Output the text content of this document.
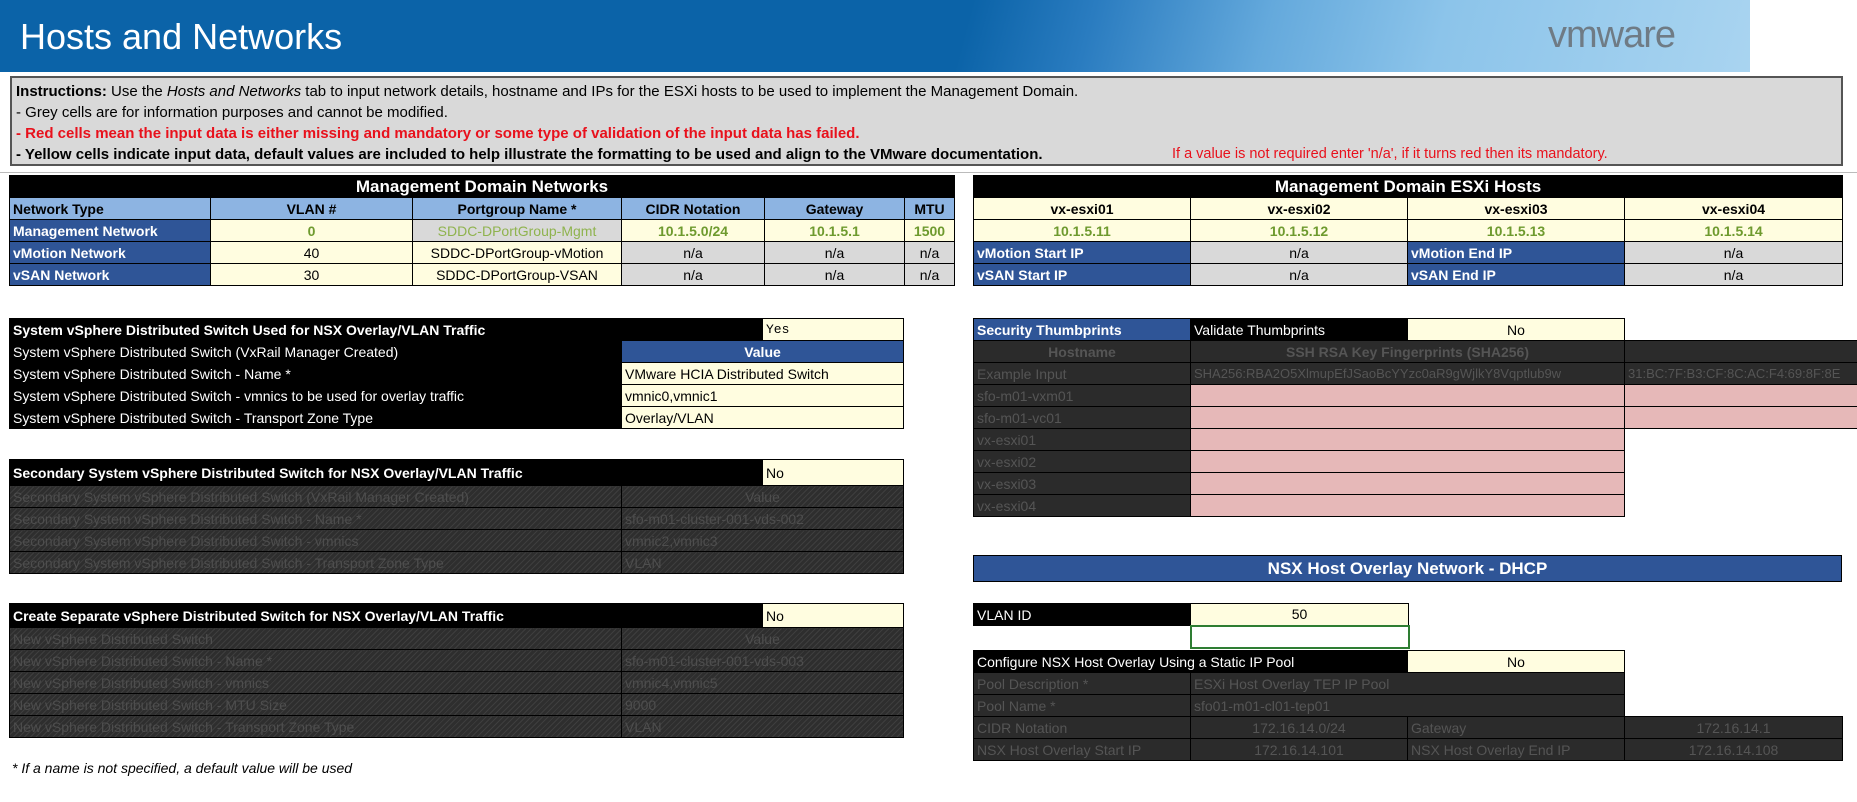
Hosts and Networks	vmware
Instructions: Use the Hosts and Networks tab to input network details, hostname and IPs for the ESXi hosts to be used to implement the Management Domain.
- Grey cells are for information purposes and cannot be modified.
- Red cells mean the input data is either missing and mandatory or some type of validation of the input data has failed.
- Yellow cells indicate input data, default values are included to help illustrate the formatting to be used and align to the VMware documentation.	If a value is not required enter 'n/a', if it turns red then its mandatory.
Management Domain Networks					
Network Type	VLAN #	Portgroup Name *	CIDR Notation	Gateway	MTU
Management Network	0	SDDC-DPortGroup-Mgmt	10.1.5.0/24	10.1.5.1	1500
vMotion Network	40	SDDC-DPortGroup-vMotion	n/a	n/a	n/a
vSAN Network	30	SDDC-DPortGroup-VSAN	n/a	n/a	n/a
Management Domain ESXi Hosts			
vx-esxi01	vx-esxi02	vx-esxi03	vx-esxi04
10.1.5.11	10.1.5.12	10.1.5.13	10.1.5.14
vMotion Start IP	n/a	vMotion End IP	n/a
vSAN Start IP	n/a	vSAN End IP	n/a
System vSphere Distributed Switch Used for NSX Overlay/VLAN Traffic		Yes
System vSphere Distributed Switch (VxRail Manager Created)	Value	
System vSphere Distributed Switch - Name *	VMware HCIA Distributed Switch	
System vSphere Distributed Switch - vmnics to be used for overlay traffic	vmnic0,vmnic1	
System vSphere Distributed Switch - Transport Zone Type	Overlay/VLAN	
Secondary System vSphere Distributed Switch for NSX Overlay/VLAN Traffic		No
Secondary System vSphere Distributed Switch (VxRail Manager Created)	Value	
Secondary System vSphere Distributed Switch - Name *	sfo-m01-cluster-001-vds-002	
Secondary System vSphere Distributed Switch - vmnics	vmnic2,vmnic3	
Secondary System vSphere Distributed Switch - Transport Zone Type	VLAN	
Create Separate vSphere Distributed Switch for NSX Overlay/VLAN Traffic		No
New vSphere Distributed Switch	Value	
New vSphere Distributed Switch - Name *	sfo-m01-cluster-001-vds-003	
New vSphere Distributed Switch - vmnics	vmnic4,vmnic5	
New vSphere Distributed Switch - MTU Size	9000	
New vSphere Distributed Switch - Transport Zone Type	VLAN	
Security Thumbprints	Validate Thumbprints	No	
Hostname	SSH RSA Key Fingerprints (SHA256)		
Example Input	SHA256:RBA2O5XlmupEfJSaoBcYYzc0aR9gWjlkY8Vqptlub9w		31:BC:7F:B3:CF:8C:AC:F4:69:8F:8E
sfo-m01-vxm01			
sfo-m01-vc01			
vx-esxi01			
vx-esxi02			
vx-esxi03			
vx-esxi04			
NSX Host Overlay Network - DHCP
VLAN ID	50

Configure NSX Host Overlay Using a Static IP Pool		No	
Pool Description *	ESXi Host Overlay TEP IP Pool		
Pool Name *	sfo01-m01-cl01-tep01		
CIDR Notation	172.16.14.0/24	Gateway	172.16.14.1
NSX Host Overlay Start IP	172.16.14.101	NSX Host Overlay End IP	172.16.14.108
* If a name is not specified, a default value will be used
